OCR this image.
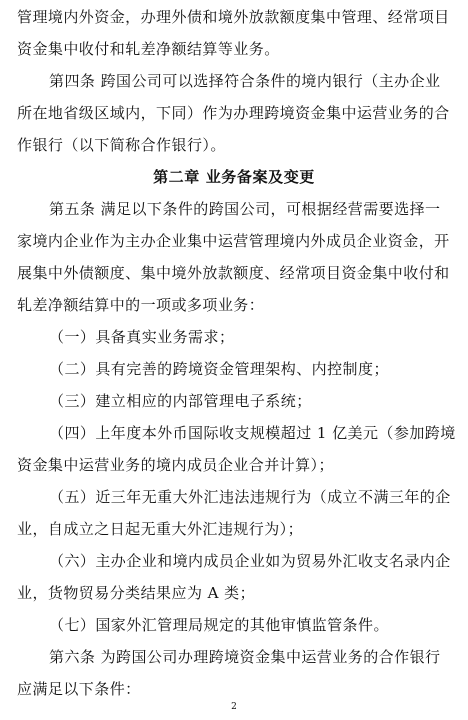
管理境内外资金，办理外债和境外放款额度集中管理、经常项目
资金集中收付和轧差净额结算等业务。
第四条 跨国公司可以选择符合条件的境内银行（主办企业
所在地省级区域内，下同）作为办理跨境资金集中运营业务的合
作银行（以下简称合作银行）。
第二章 业务备案及变更
第五条 满足以下条件的跨国公司，可根据经营需要选择一
家境内企业作为主办企业集中运营管理境内外成员企业资金，开
展集中外债额度、集中境外放款额度、经常项目资金集中收付和
轧差净额结算中的一项或多项业务：
（一）具备真实业务需求；
（二）具有完善的跨境资金管理架构、内控制度；
（三）建立相应的内部管理电子系统；
（四）上年度本外币国际收支规模超过 1 亿美元（参加跨境
资金集中运营业务的境内成员企业合并计算）；
（五）近三年无重大外汇违法违规行为（成立不满三年的企
业，自成立之日起无重大外汇违规行为）；
（六）主办企业和境内成员企业如为贸易外汇收支名录内企
业，货物贸易分类结果应为 A 类；
（七）国家外汇管理局规定的其他审慎监管条件。
第六条 为跨国公司办理跨境资金集中运营业务的合作银行
应满足以下条件：
2
